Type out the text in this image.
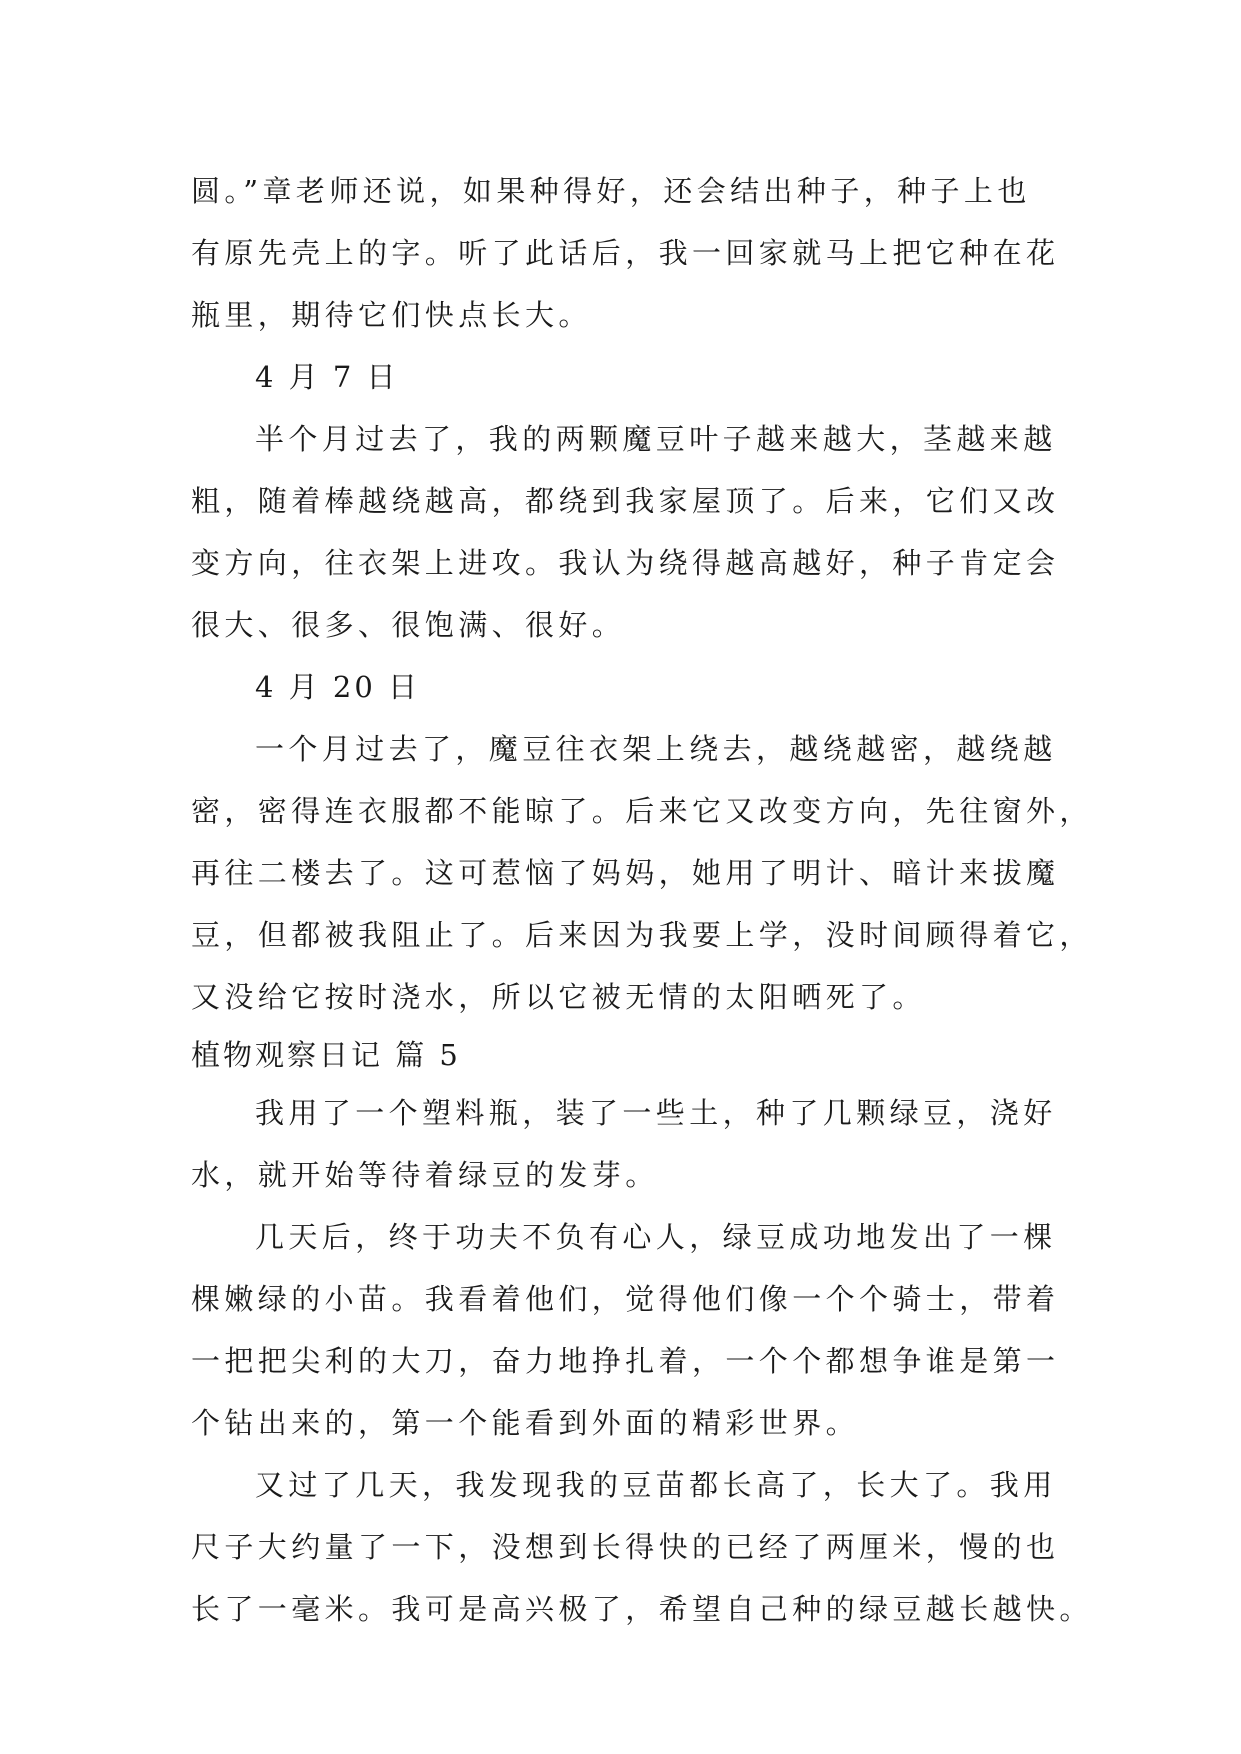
圆。”章老师还说，如果种得好，还会结出种子，种子上也
有原先壳上的字。听了此话后，我一回家就马上把它种在花
瓶里，期待它们快点长大。
4 月 7 日
半个月过去了，我的两颗魔豆叶子越来越大，茎越来越
粗，随着棒越绕越高，都绕到我家屋顶了。后来，它们又改
变方向，往衣架上进攻。我认为绕得越高越好，种子肯定会
很大、很多、很饱满、很好。
4 月 20 日
一个月过去了，魔豆往衣架上绕去，越绕越密，越绕越
密，密得连衣服都不能晾了。后来它又改变方向，先往窗外，
再往二楼去了。这可惹恼了妈妈，她用了明计、暗计来拔魔
豆，但都被我阻止了。后来因为我要上学，没时间顾得着它，
又没给它按时浇水，所以它被无情的太阳晒死了。
植物观察日记 篇 5
我用了一个塑料瓶，装了一些土，种了几颗绿豆，浇好
水，就开始等待着绿豆的发芽。
几天后，终于功夫不负有心人，绿豆成功地发出了一棵
棵嫩绿的小苗。我看着他们，觉得他们像一个个骑士，带着
一把把尖利的大刀，奋力地挣扎着，一个个都想争谁是第一
个钻出来的，第一个能看到外面的精彩世界。
又过了几天，我发现我的豆苗都长高了，长大了。我用
尺子大约量了一下，没想到长得快的已经了两厘米，慢的也
长了一毫米。我可是高兴极了，希望自己种的绿豆越长越快。
